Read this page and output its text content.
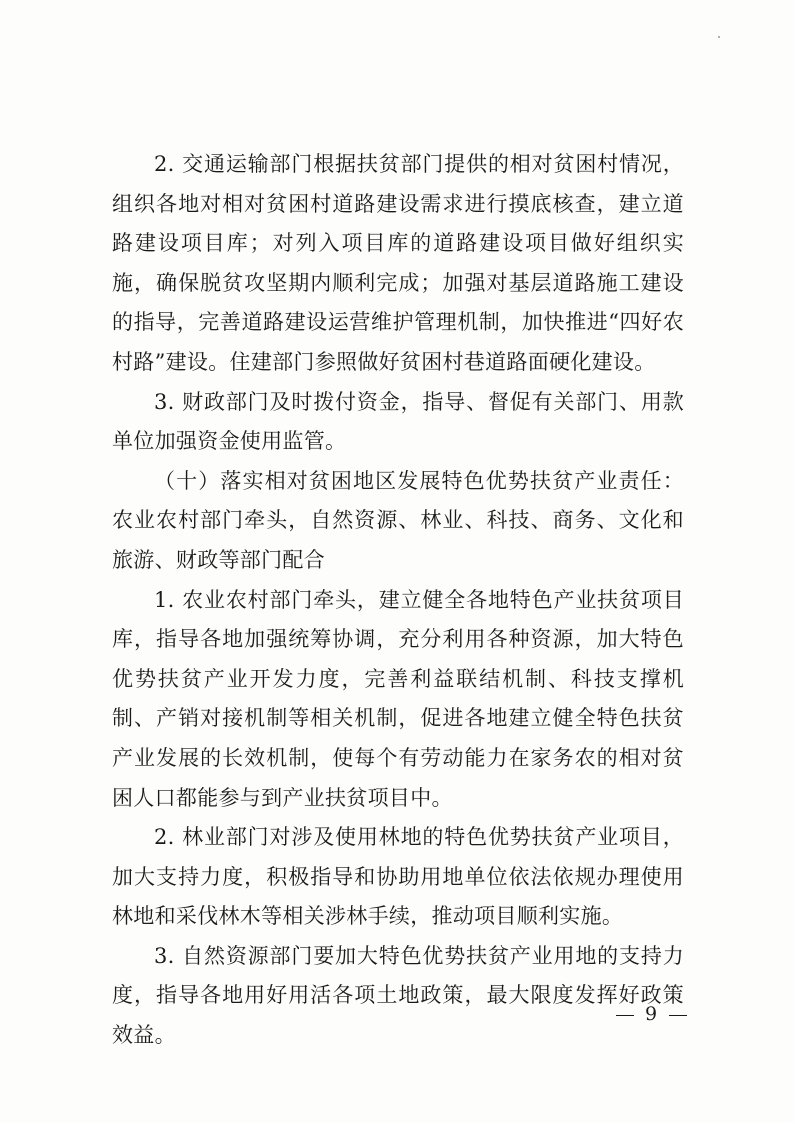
2. 交通运输部门根据扶贫部门提供的相对贫困村情况，组织各地对相对贫困村道路建设需求进行摸底核查，建立道路建设项目库；对列入项目库的道路建设项目做好组织实施，确保脱贫攻坚期内顺利完成；加强对基层道路施工建设的指导，完善道路建设运营维护管理机制，加快推进“四好农村路”建设。住建部门参照做好贫困村巷道路面硬化建设。

3. 财政部门及时拨付资金，指导、督促有关部门、用款单位加强资金使用监管。

（十）落实相对贫困地区发展特色优势扶贫产业责任：农业农村部门牵头，自然资源、林业、科技、商务、文化和旅游、财政等部门配合

1. 农业农村部门牵头，建立健全各地特色产业扶贫项目库，指导各地加强统筹协调，充分利用各种资源，加大特色优势扶贫产业开发力度，完善利益联结机制、科技支撑机制、产销对接机制等相关机制，促进各地建立健全特色扶贫产业发展的长效机制，使每个有劳动能力在家务农的相对贫困人口都能参与到产业扶贫项目中。

2. 林业部门对涉及使用林地的特色优势扶贫产业项目，加大支持力度，积极指导和协助用地单位依法依规办理使用林地和采伐林木等相关涉林手续，推动项目顺利实施。

3. 自然资源部门要加大特色优势扶贫产业用地的支持力度，指导各地用好用活各项土地政策，最大限度发挥好政策效益。

9
